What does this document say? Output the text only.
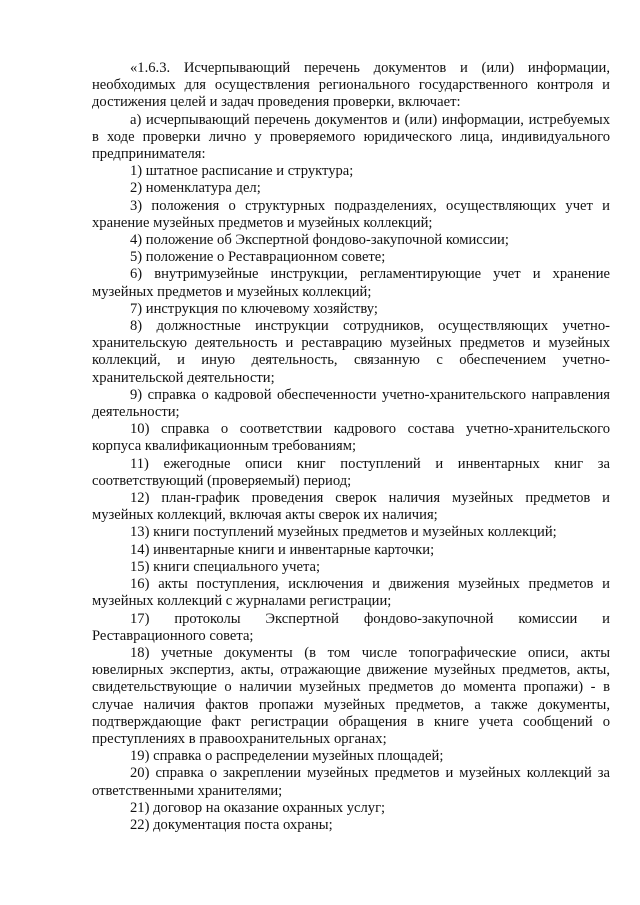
«1.6.3. Исчерпывающий перечень документов и (или) информации, необходимых для осуществления регионального государственного контроля и достижения целей и задач проведения проверки, включает:

а) исчерпывающий перечень документов и (или) информации, истребуемых в ходе проверки лично у проверяемого юридического лица, индивидуального предпринимателя:

1) штатное расписание и структура;

2) номенклатура дел;

3) положения о структурных подразделениях, осуществляющих учет и хранение музейных предметов и музейных коллекций;

4) положение об Экспертной фондово-закупочной комиссии;

5) положение о Реставрационном совете;

6) внутримузейные инструкции, регламентирующие учет и хранение музейных предметов и музейных коллекций;

7) инструкция по ключевому хозяйству;

8) должностные инструкции сотрудников, осуществляющих учетно-хранительскую деятельность и реставрацию музейных предметов и музейных коллекций, и иную деятельность, связанную с обеспечением учетно-хранительской деятельности;

9) справка о кадровой обеспеченности учетно-хранительского направления деятельности;

10) справка о соответствии кадрового состава учетно-хранительского корпуса квалификационным требованиям;

11) ежегодные описи книг поступлений и инвентарных книг за соответствующий (проверяемый) период;

12) план-график проведения сверок наличия музейных предметов и музейных коллекций, включая акты сверок их наличия;

13) книги поступлений музейных предметов и музейных коллекций;

14) инвентарные книги и инвентарные карточки;

15) книги специального учета;

16) акты поступления, исключения и движения музейных предметов и музейных коллекций с журналами регистрации;

17) протоколы Экспертной фондово-закупочной комиссии и Реставрационного совета;

18) учетные документы (в том числе топографические описи, акты ювелирных экспертиз, акты, отражающие движение музейных предметов, акты, свидетельствующие о наличии музейных предметов до момента пропажи) - в случае наличия фактов пропажи музейных предметов, а также документы, подтверждающие факт регистрации обращения в книге учета сообщений о преступлениях в правоохранительных органах;

19) справка о распределении музейных площадей;

20) справка о закреплении музейных предметов и музейных коллекций за ответственными хранителями;

21) договор на оказание охранных услуг;

22) документация поста охраны;
